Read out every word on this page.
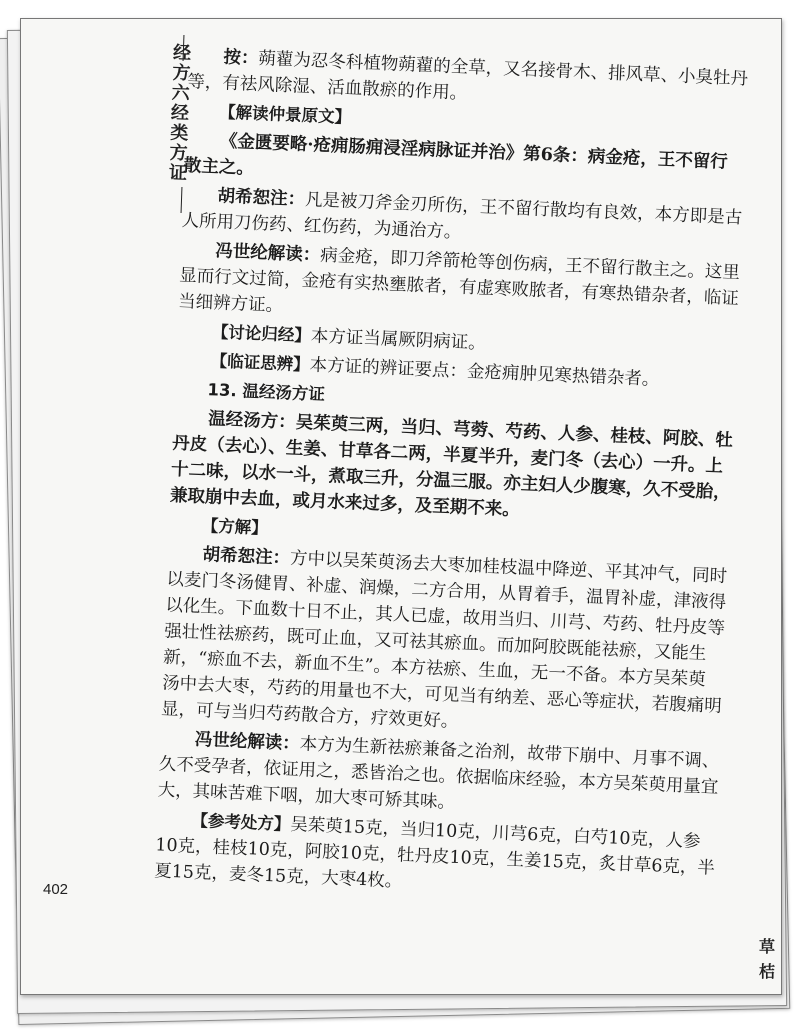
经方六经类方证	按：蒴藋为忍冬科植物蒴藋的全草，又名接骨木、排风草、小臭牡丹等，有祛风除湿、活血散瘀的作用。

【解读仲景原文】

《金匮要略·疮痈肠痈浸淫病脉证并治》第6条：病金疮，王不留行散主之。

胡希恕注：凡是被刀斧金刃所伤，王不留行散均有良效，本方即是古人所用刀伤药、红伤药，为通治方。

冯世纶解读：病金疮，即刀斧箭枪等创伤病，王不留行散主之。这里显而行文过简，金疮有实热壅脓者，有虚寒败脓者，有寒热错杂者，临证当细辨方证。

【讨论归经】本方证当属厥阴病证。

【临证思辨】本方证的辨证要点：金疮痈肿见寒热错杂者。

13. 温经汤方证

温经汤方：吴茱萸三两，当归、芎䓖、芍药、人参、桂枝、阿胶、牡丹皮（去心）、生姜、甘草各二两，半夏半升，麦门冬（去心）一升。上十二味，以水一斗，煮取三升，分温三服。亦主妇人少腹寒，久不受胎，兼取崩中去血，或月水来过多，及至期不来。

【方解】

胡希恕注：方中以吴茱萸汤去大枣加桂枝温中降逆、平其冲气，同时以麦门冬汤健胃、补虚、润燥，二方合用，从胃着手，温胃补虚，津液得以化生。下血数十日不止，其人已虚，故用当归、川芎、芍药、牡丹皮等强壮性祛瘀药，既可止血，又可祛其瘀血。而加阿胶既能祛瘀，又能生新，“瘀血不去，新血不生”。本方祛瘀、生血，无一不备。本方吴茱萸汤中去大枣，芍药的用量也不大，可见当有纳差、恶心等症状，若腹痛明显，可与当归芍药散合方，疗效更好。

冯世纶解读：本方为生新祛瘀兼备之治剂，故带下崩中、月事不调、久不受孕者，依证用之，悉皆治之也。依据临床经验，本方吴茱萸用量宜大，其味苦难下咽，加大枣可矫其味。

【参考处方】吴茱萸15克，当归10克，川芎6克，白芍10克，人参10克，桂枝10克，阿胶10克，牡丹皮10克，生姜15克，炙甘草6克，半夏15克，麦冬15克，大枣4枚。

402
草
桔
